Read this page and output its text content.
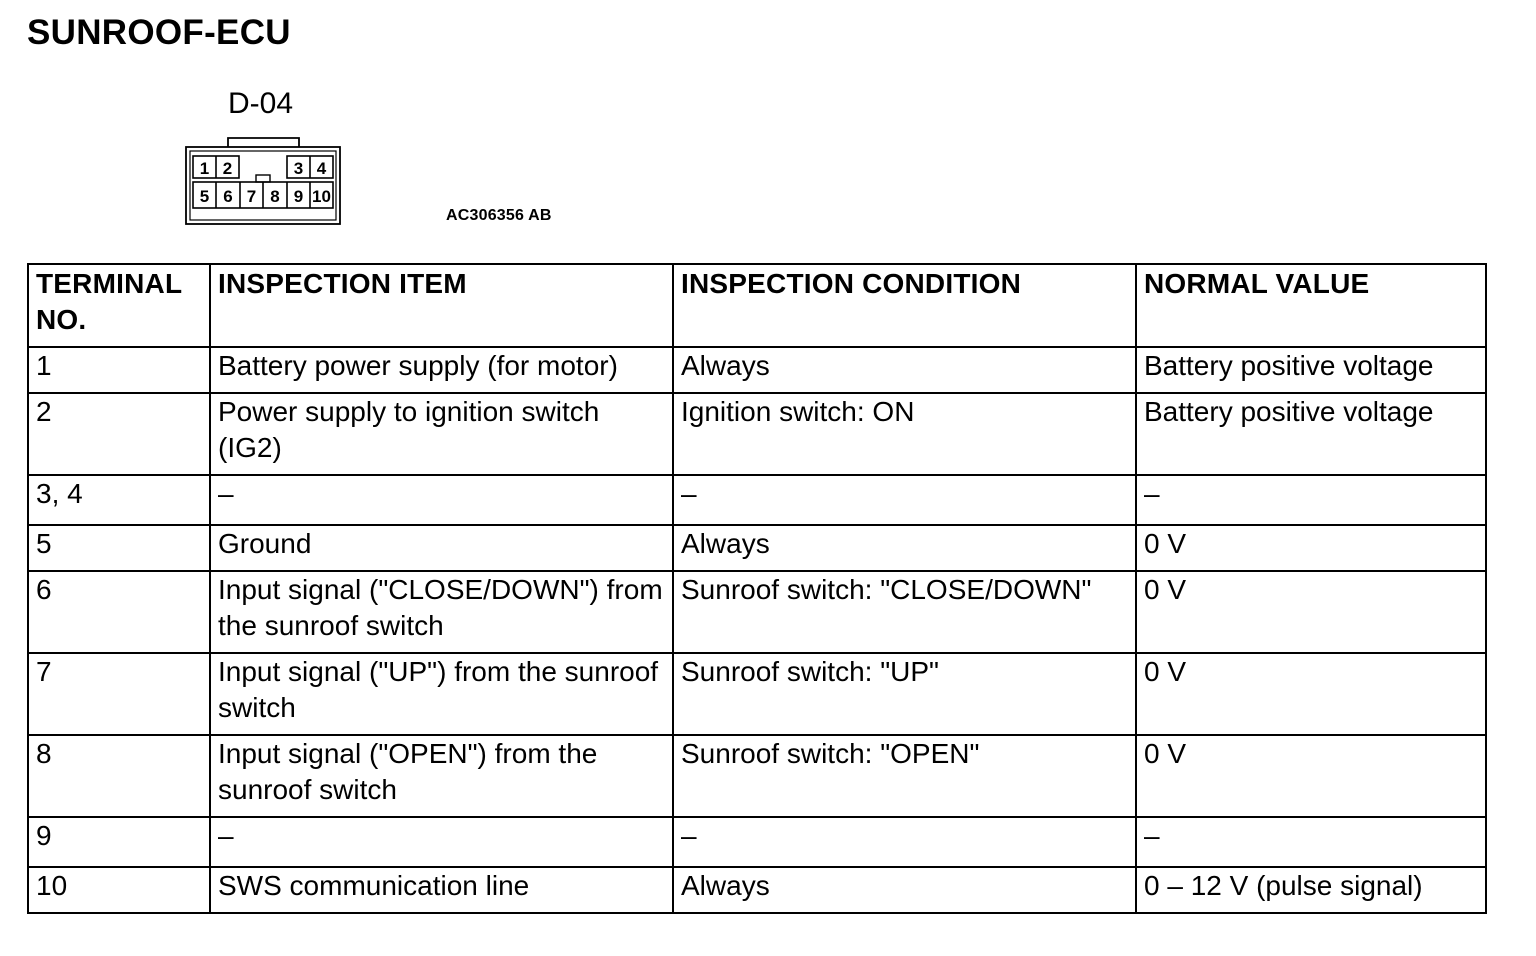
SUNROOF-ECU
D-04
1 2	3 4
5 6 7 8 9 10
AC306356 AB
TERMINAL NO.	INSPECTION ITEM	INSPECTION CONDITION	NORMAL VALUE
1	Battery power supply (for motor)	Always	Battery positive voltage
2	Power supply to ignition switch (IG2)	Ignition switch: ON	Battery positive voltage
3, 4	–	–	–
5	Ground	Always	0 V
6	Input signal ("CLOSE/DOWN") from the sunroof switch	Sunroof switch: "CLOSE/DOWN"	0 V
7	Input signal ("UP") from the sunroof switch	Sunroof switch: "UP"	0 V
8	Input signal ("OPEN") from the sunroof switch	Sunroof switch: "OPEN"	0 V
9	–	–	–
10	SWS communication line	Always	0 – 12 V (pulse signal)
